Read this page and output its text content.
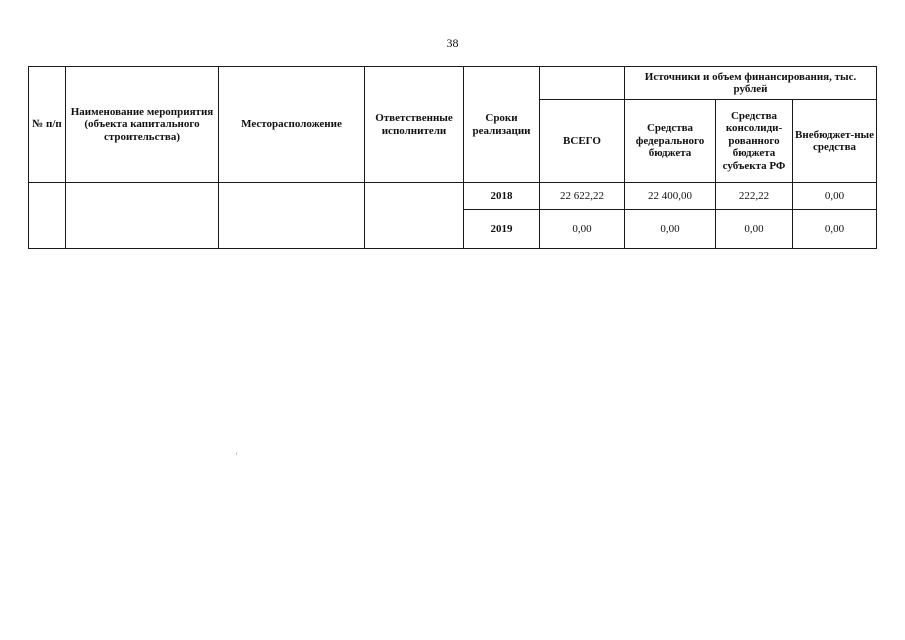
38
№ п/п	Наименование мероприятия (объекта капитального строительства)	Месторасположение	Ответственные исполнители	Сроки реализации		Источники и объем финансирования, тыс. рублей		
					ВСЕГО	Средства федерального бюджета	Средства консолиди-рованного бюджета субъекта РФ	Внебюджет-ные средства
				2018	22 622,22	22 400,00	222,22	0,00
				2019	0,00	0,00	0,00	0,00
